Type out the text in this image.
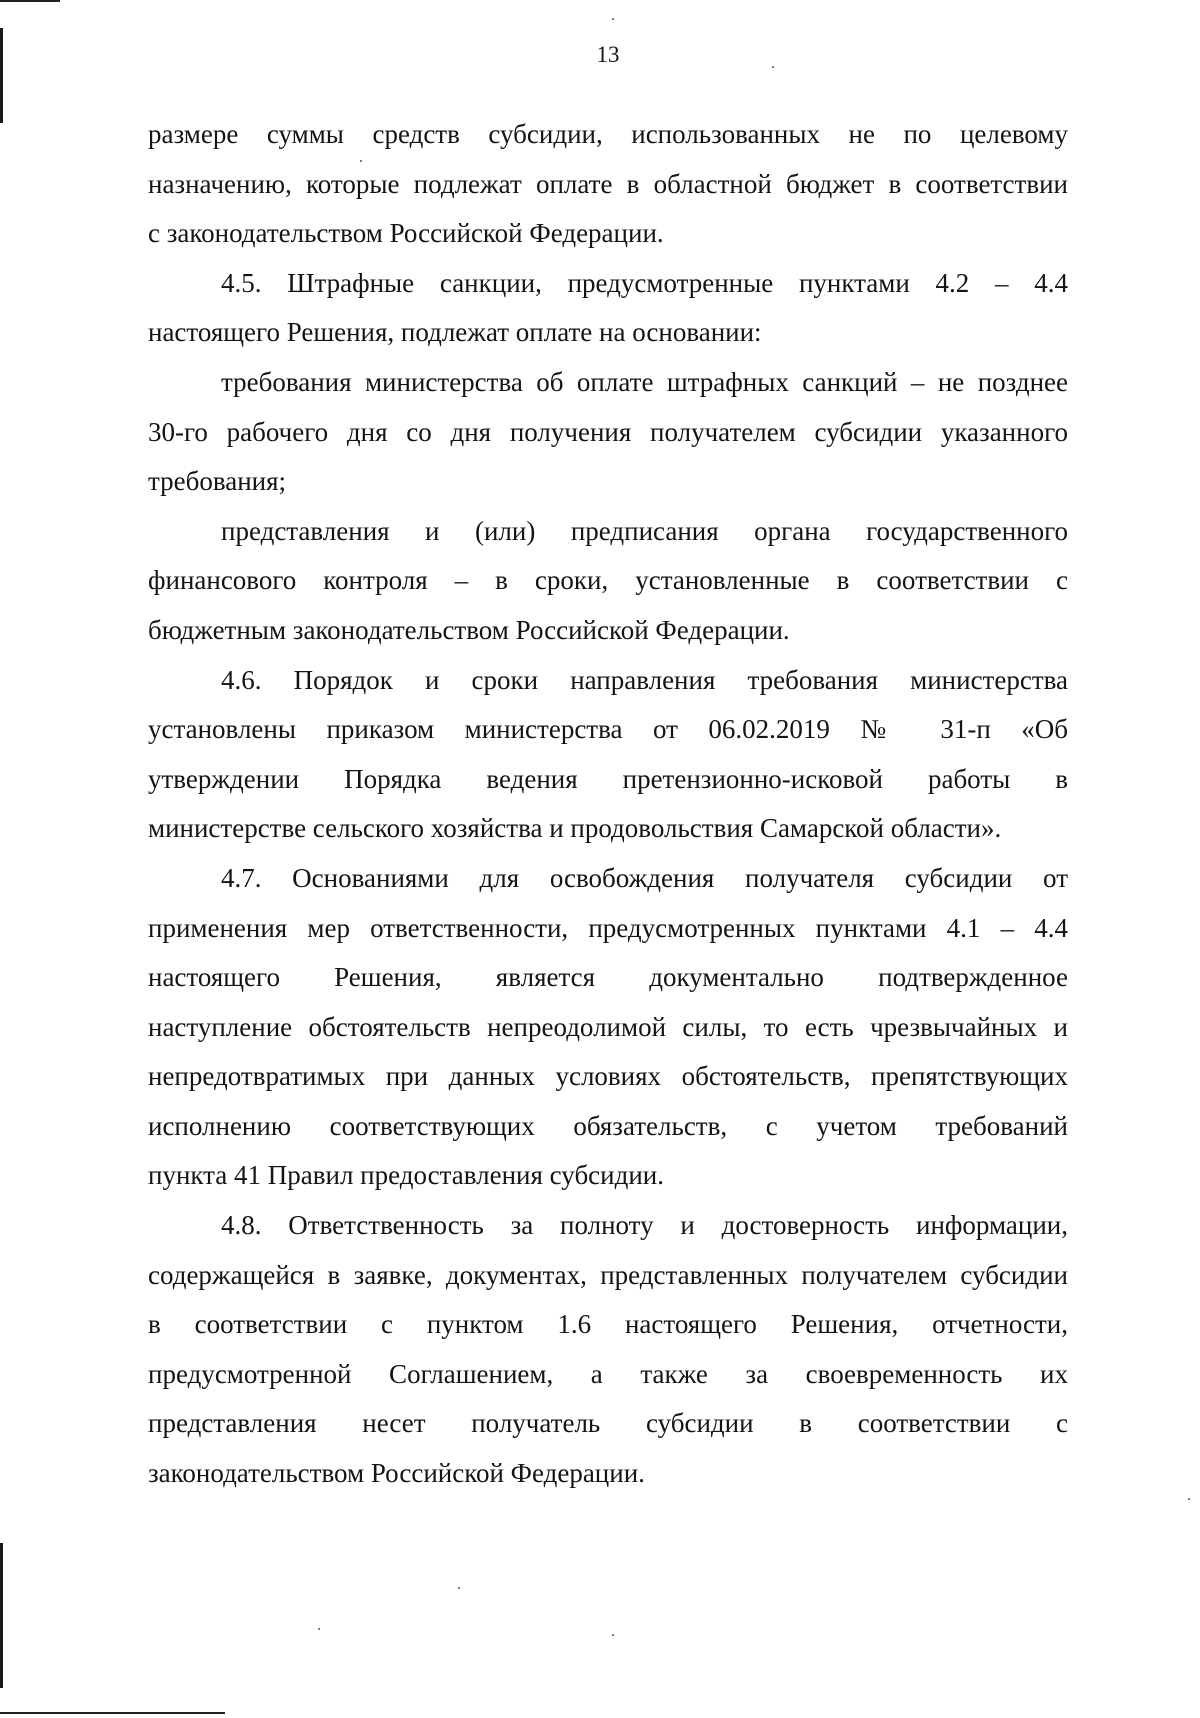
13

размере суммы средств субсидии, использованных не по целевому
назначению, которые подлежат оплате в областной бюджет в соответствии
с законодательством Российской Федерации.

4.5. Штрафные санкции, предусмотренные пунктами 4.2 – 4.4
настоящего Решения, подлежат оплате на основании:

требования министерства об оплате штрафных санкций – не позднее
30-го рабочего дня со дня получения получателем субсидии указанного
требования;

представления и (или) предписания органа государственного
финансового контроля – в сроки, установленные в соответствии с
бюджетным законодательством Российской Федерации.

4.6. Порядок и сроки направления требования министерства
установлены приказом министерства от 06.02.2019 № 31-п «Об
утверждении Порядка ведения претензионно-исковой работы в
министерстве сельского хозяйства и продовольствия Самарской области».

4.7. Основаниями для освобождения получателя субсидии от
применения мер ответственности, предусмотренных пунктами 4.1 – 4.4
настоящего Решения, является документально подтвержденное
наступление обстоятельств непреодолимой силы, то есть чрезвычайных и
непредотвратимых при данных условиях обстоятельств, препятствующих
исполнению соответствующих обязательств, с учетом требований
пункта 41 Правил предоставления субсидии.

4.8. Ответственность за полноту и достоверность информации,
содержащейся в заявке, документах, представленных получателем субсидии
в соответствии с пунктом 1.6 настоящего Решения, отчетности,
предусмотренной Соглашением, а также за своевременность их
представления несет получатель субсидии в соответствии с
законодательством Российской Федерации.
